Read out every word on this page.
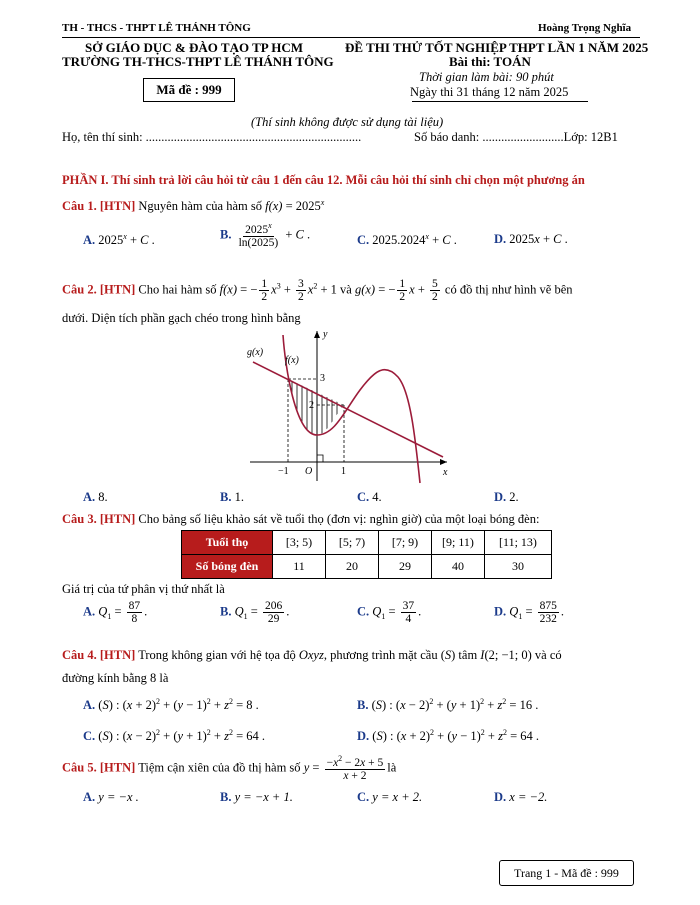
TH - THCS - THPT LÊ THÁNH TÔNG	Hoàng Trọng Nghĩa
SỞ GIÁO DỤC & ĐÀO TẠO TP HCM
TRƯỜNG TH-THCS-THPT LÊ THÁNH TÔNG
ĐỀ THI THỬ TỐT NGHIỆP THPT LẦN 1 NĂM 2025
Bài thi: TOÁN
Thời gian làm bài: 90 phút
Ngày thi 31 tháng 12 năm 2025
Mã đề : 999
(Thí sinh không được sử dụng tài liệu)
Họ, tên thí sinh: .....................................................................	Số báo danh: ..........................Lớp: 12B1
PHẦN I. Thí sinh trả lời câu hỏi từ câu 1 đến câu 12. Mỗi câu hỏi thí sinh chỉ chọn một phương án
Câu 1. [HTN] Nguyên hàm của hàm số $f(x) = 2025^x$
A. $2025^x + C$ .	B. $\frac{2025^x}{\ln(2025)} + C$ .	C. $2025.2024^x + C$ .	D. 2025x + C .
Câu 2. [HTN] Cho hai hàm số f(x) = − $\frac{1}{2} x^3 + \frac{3}{2} x^2 + 1$ và g(x) = − $\frac{1}{2}$ $x + \frac{5}{2}$ có đồ thị như hình vẽ bên
dưới. Diện tích phần gạch chéo trong hình bằng
y
x
g(x)
f(x)
O
−1	1
3
2
A. 8.	B. 1.	C. 4.	D. 2.
Câu 3. [HTN] Cho bảng số liệu khảo sát về tuổi thọ (đơn vị: nghìn giờ) của một loại bóng đèn:
Tuổi thọ	[3; 5)	[5; 7)	[7; 9)	[9; 11)	[11; 13)
Số bóng đèn	11	20	29	40	30
Giá trị của tứ phân vị thứ nhất là
A. $Q_1 = \frac{87}{8}$ .	B. $Q_1 = \frac{206}{29}$ .	C. $Q_1 = \frac{37}{4}$ .	D. $Q_1 = \frac{875}{232}$ .
Câu 4. [HTN] Trong không gian với hệ tọa độ Oxyz, phương trình mặt cầu (S) tâm I(2; −1; 0) và có
đường kính bằng 8 là
A. (S) : $(x + 2)^2 + (y - 1)^2 + z^2 = 8$ .	B. (S) : $(x - 2)^2 + (y + 1)^2 + z^2 = 16$ .
C. (S) : $(x - 2)^2 + (y + 1)^2 + z^2 = 64$ .	D. (S) : $(x + 2)^2 + (y - 1)^2 + z^2 = 64$ .
Câu 5. [HTN] Tiệm cận xiên của đồ thị hàm số $y = \frac{-x^2 - 2x + 5}{x + 2}$ là
A. y = −x .	B. y = −x + 1.	C. y = x + 2.	D. x = −2.
Trang 1 - Mã đề : 999
